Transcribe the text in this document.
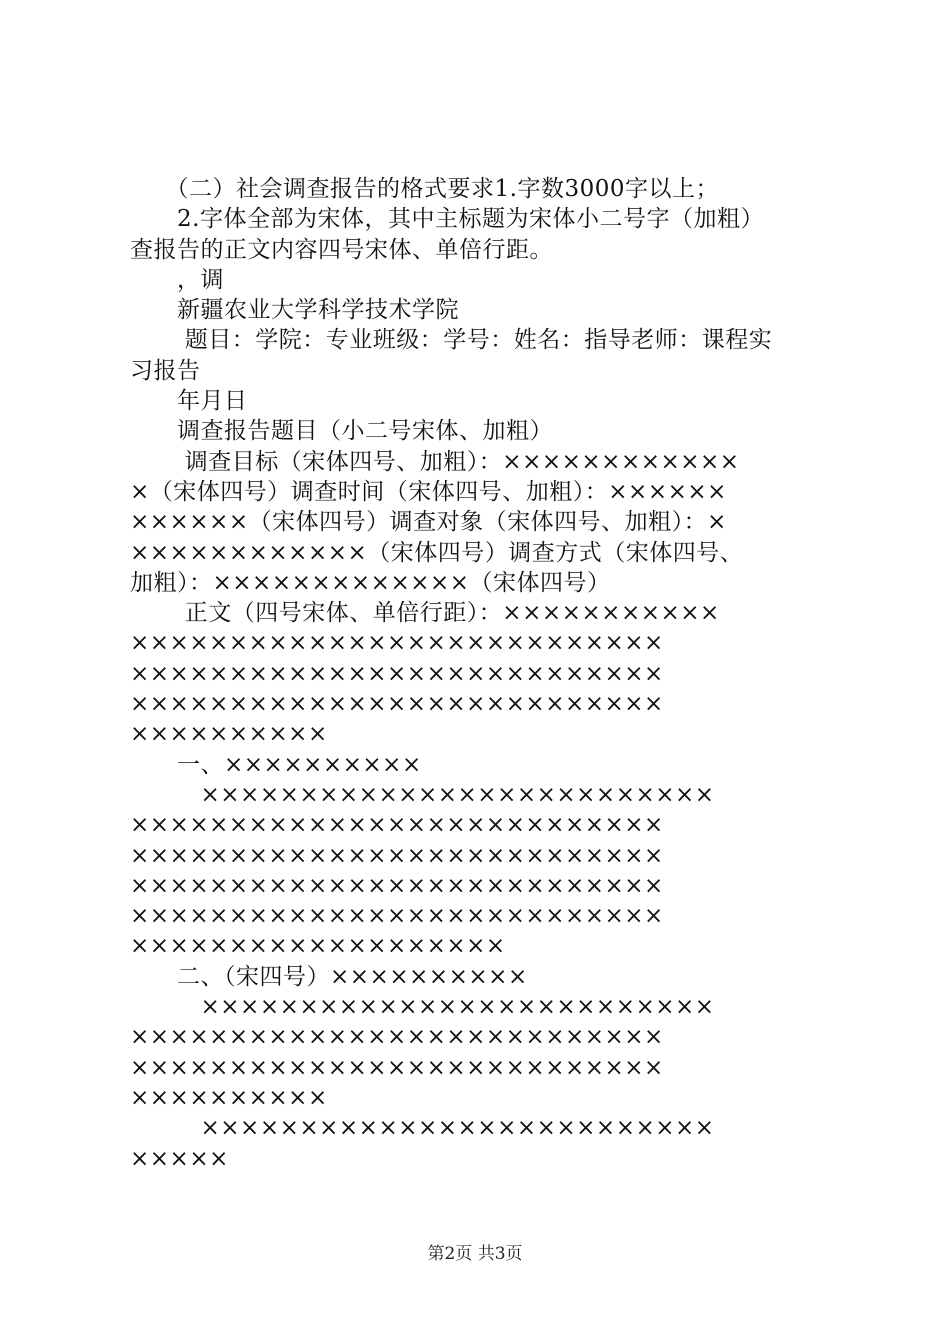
　　（二）社会调查报告的格式要求1.字数3000字以上；

　　2.字体全部为宋体，其中主标题为宋体小二号字（加粗）

查报告的正文内容四号宋体、单倍行距。

　　，调

　　新疆农业大学科学技术学院

　　 题目：学院：专业班级：学号：姓名：指导老师：课程实

习报告

　　年月日

　　调查报告题目（小二号宋体、加粗）

　　 调查目标（宋体四号、加粗）：××××××××××××

×（宋体四号）调查时间（宋体四号、加粗）：××××××

××××××（宋体四号）调查对象（宋体四号、加粗）：×

××××××××××××（宋体四号）调查方式（宋体四号、

加粗）：×××××××××××××（宋体四号）

　　 正文（四号宋体、单倍行距）：×××××××××××

×××××××××××××××××××××××××××

×××××××××××××××××××××××××××

×××××××××××××××××××××××××××

××××××××××

　　一、××××××××××

　　　××××××××××××××××××××××××××

×××××××××××××××××××××××××××

×××××××××××××××××××××××××××

×××××××××××××××××××××××××××

×××××××××××××××××××××××××××

×××××××××××××××××××

　　二、（宋四号）××××××××××

　　　××××××××××××××××××××××××××

×××××××××××××××××××××××××××

×××××××××××××××××××××××××××

××××××××××

　　　××××××××××××××××××××××××××

×××××

第2页 共3页
